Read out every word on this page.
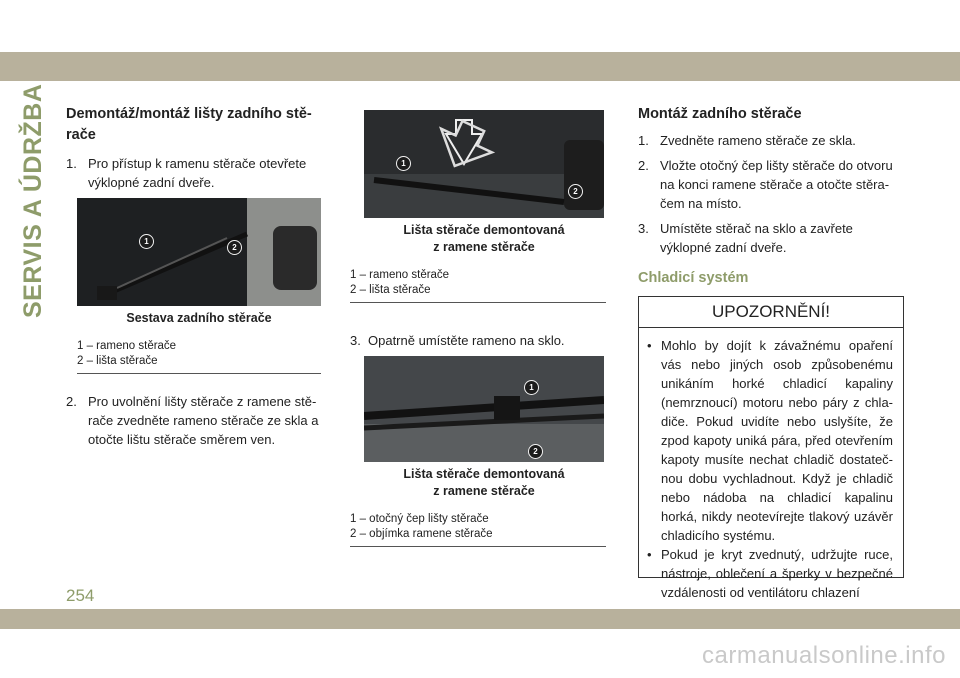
SERVIS A ÚDRŽBA Demontáž/montáž lišty zadního stě-rače
1. Pro přístup k ramenu stěrače otevřete výklopné zadní dveře.
1
2
Sestava zadního stěrače
1 – rameno stěrače
2 – lišta stěrače
2. Pro uvolnění lišty stěrače z ramene stě-rače zvedněte rameno stěrače ze skla a otočte lištu stěrače směrem ven.
1
2
Lišta stěrače demontovaná
z ramene stěrače
1 – rameno stěrače
2 – lišta stěrače
3. Opatrně umístěte rameno na sklo.
1
2
Lišta stěrače demontovaná
z ramene stěrače
1 – otočný čep lišty stěrače
2 – objímka ramene stěrače
Montáž zadního stěrače
1. Zvedněte rameno stěrače ze skla.
2. Vložte otočný čep lišty stěrače do otvoru na konci ramene stěrače a otočte stěra-čem na místo.
3. Umístěte stěrač na sklo a zavřete výklopné zadní dveře.
Chladicí systém
UPOZORNĚNÍ!
• Mohlo by dojít k závažnému opaření vás nebo jiných osob způsobenému unikáním horké chladicí kapaliny (nemrznoucí) motoru nebo páry z chla-diče. Pokud uvidíte nebo uslyšíte, že zpod kapoty uniká pára, před otevřením kapoty musíte nechat chladič dostateč-nou dobu vychladnout. Když je chladič nebo nádoba na chladicí kapalinu horká, nikdy neotevírejte tlakový uzávěr chladicího systému.
• Pokud je kryt zvednutý, udržujte ruce, nástroje, oblečení a šperky v bezpečné vzdálenosti od ventilátoru chlazení
254
carmanualsonline.info
